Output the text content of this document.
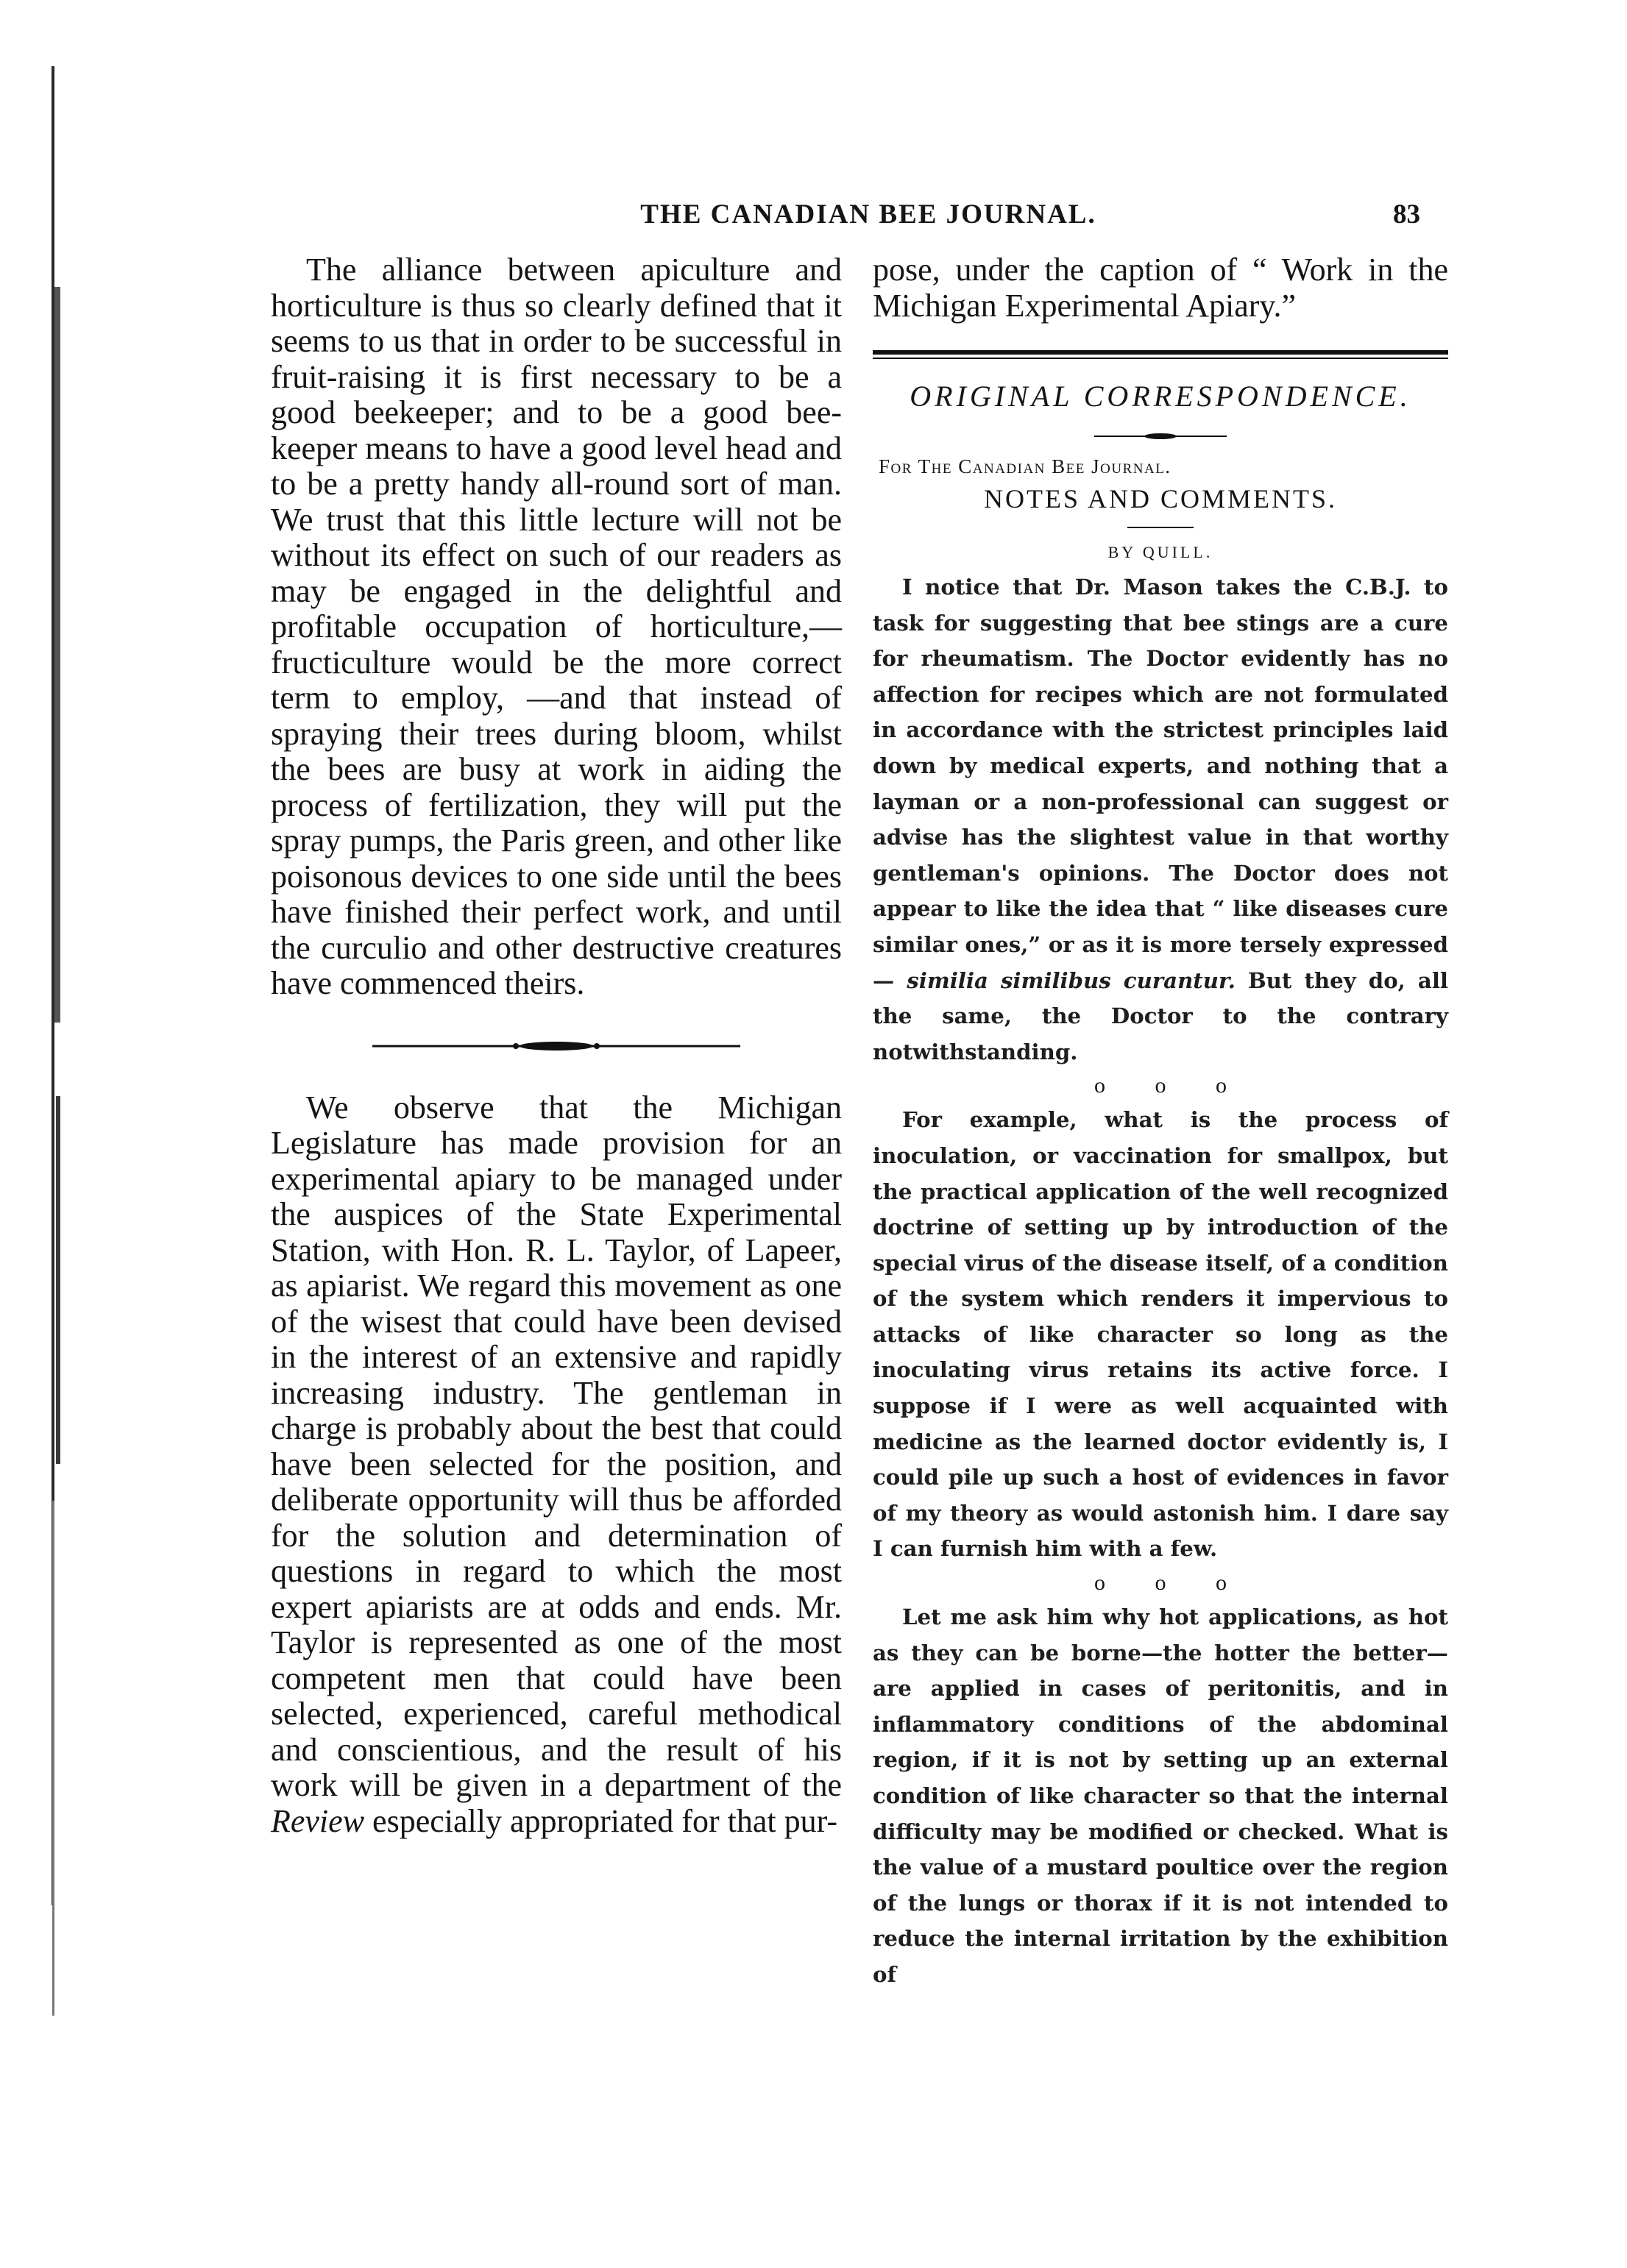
THE CANADIAN BEE JOURNAL.	83

The alliance between apiculture and horticulture is thus so clearly defined that it seems to us that in order to be successful in fruit-raising it is first necessary to be a good beekeeper; and to be a good bee-keeper means to have a good level head and to be a pretty handy all-round sort of man. We trust that this little lecture will not be without its effect on such of our readers as may be engaged in the delightful and profitable occupation of horticulture,—fructiculture would be the more correct term to employ, —and that instead of spraying their trees during bloom, whilst the bees are busy at work in aiding the process of fertilization, they will put the spray pumps, the Paris green, and other like poisonous devices to one side until the bees have finished their perfect work, and until the curculio and other destructive creatures have commenced theirs.

We observe that the Michigan Legislature has made provision for an experimental apiary to be managed under the auspices of the State Experimental Station, with Hon. R. L. Taylor, of Lapeer, as apiarist. We regard this movement as one of the wisest that could have been devised in the interest of an extensive and rapidly increasing industry. The gentleman in charge is probably about the best that could have been selected for the position, and deliberate opportunity will thus be afforded for the solution and determination of questions in regard to which the most expert apiarists are at odds and ends. Mr. Taylor is represented as one of the most competent men that could have been selected, experienced, careful methodical and conscientious, and the result of his work will be given in a department of the Review especially appropriated for that pur-

pose, under the caption of “ Work in the Michigan Experimental Apiary.”

ORIGINAL CORRESPONDENCE.

For The Canadian Bee Journal.

NOTES AND COMMENTS.

BY QUILL.

I notice that Dr. Mason takes the C.B.J. to task for suggesting that bee stings are a cure for rheumatism. The Doctor evidently has no affection for recipes which are not formulated in accordance with the strictest principles laid down by medical experts, and nothing that a layman or a non-professional can suggest or advise has the slightest value in that worthy gentleman's opinions. The Doctor does not appear to like the idea that “ like diseases cure similar ones,” or as it is more tersely expressed— similia similibus curantur. But they do, all the same, the Doctor to the contrary notwithstanding.

o o o

For example, what is the process of inoculation, or vaccination for smallpox, but the practical application of the well recognized doctrine of setting up by introduction of the special virus of the disease itself, of a condition of the system which renders it impervious to attacks of like character so long as the inoculating virus retains its active force. I suppose if I were as well acquainted with medicine as the learned doctor evidently is, I could pile up such a host of evidences in favor of my theory as would astonish him. I dare say I can furnish him with a few.

o o o

Let me ask him why hot applications, as hot as they can be borne—the hotter the better—are applied in cases of peritonitis, and in inflammatory conditions of the abdominal region, if it is not by setting up an external condition of like character so that the internal difficulty may be modified or checked. What is the value of a mustard poultice over the region of the lungs or thorax if it is not intended to reduce the internal irritation by the exhibition of
